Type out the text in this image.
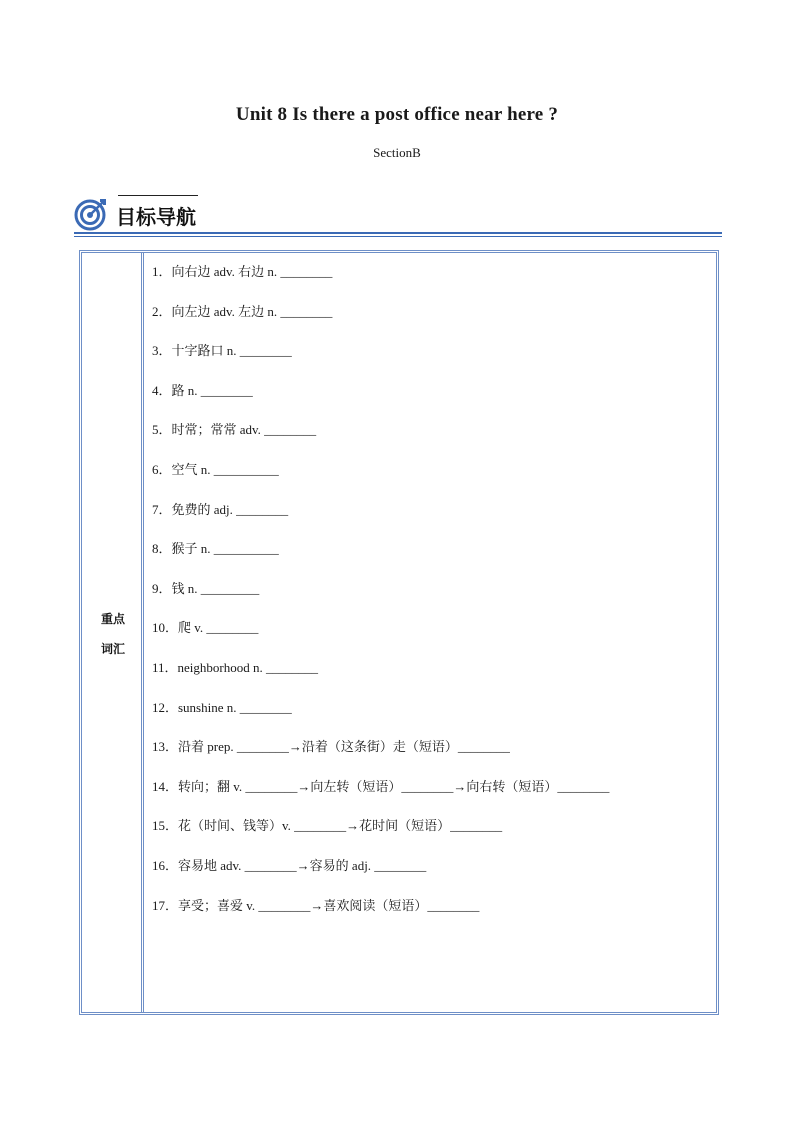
Unit 8 Is there a post office near here ?
SectionB
目标导航
重点
词汇
1．向右边 adv. 右边 n. ________
2．向左边 adv. 左边 n. ________
3．十字路口 n. ________
4．路 n. ________
5．时常；常常 adv. ________
6．空气 n. __________
7．免费的 adj. ________
8．猴子 n. __________
9．钱 n. _________
10．爬 v. ________
11．neighborhood n. ________
12．sunshine n. ________
13．沿着 prep. ________→沿着（这条街）走（短语）________
14．转向；翻 v. ________→向左转（短语）________→向右转（短语）________
15．花（时间、钱等）v. ________→花时间（短语）________
16．容易地 adv. ________→容易的 adj. ________
17．享受；喜爱 v. ________→喜欢阅读（短语）________
